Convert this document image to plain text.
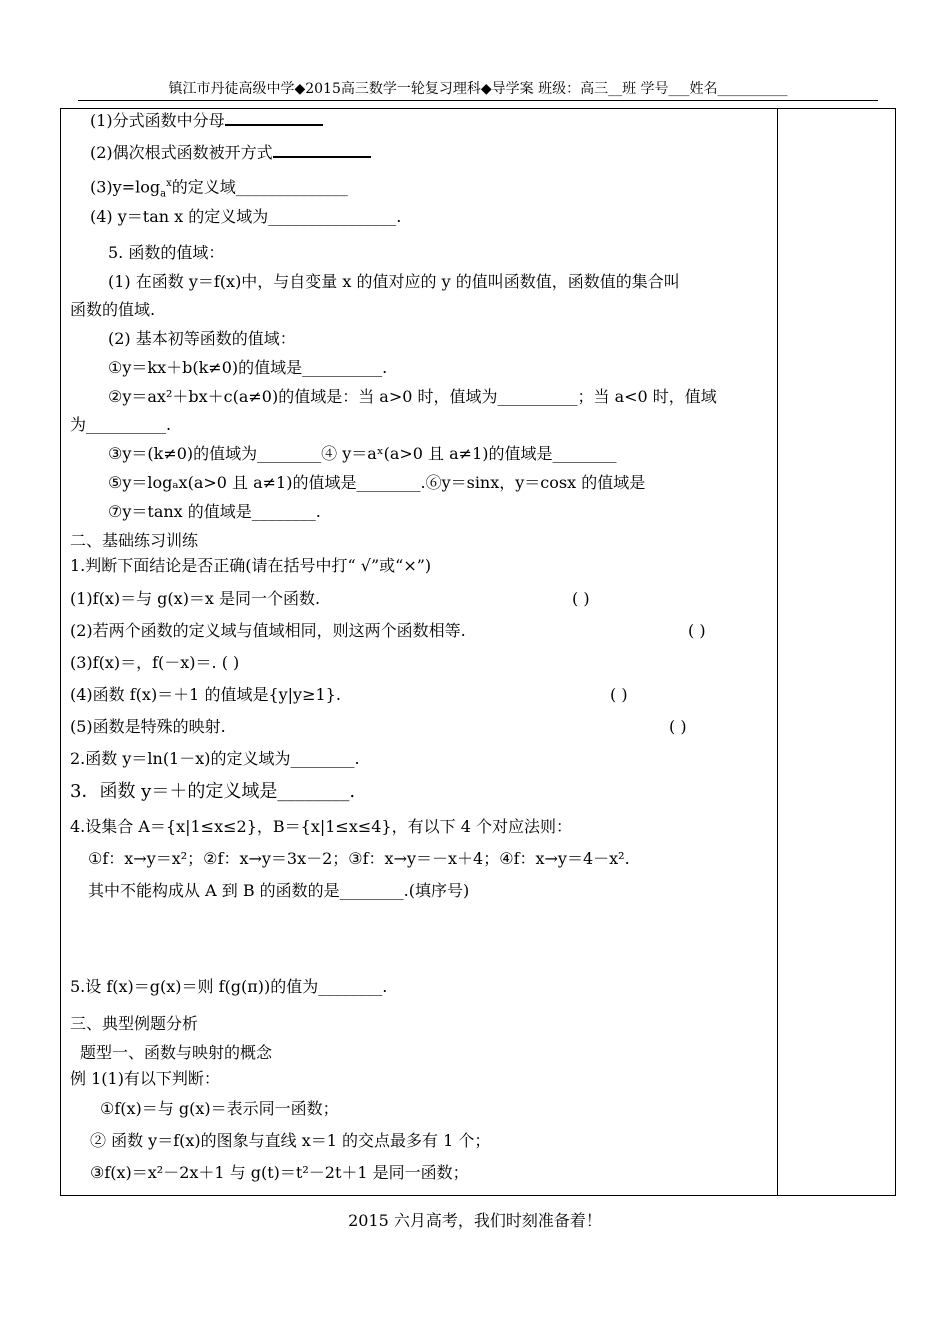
镇江市丹徒高级中学◆2015高三数学一轮复习理科◆导学案 班级：高三__班 学号___姓名__________
(1)分式函数中分母
(2)偶次根式函数被开方式
$(3)y=\log_a^x$的定义域______________
(4) y＝tan x 的定义域为________________.
5. 函数的值域：
(1) 在函数 y＝f(x)中，与自变量 x 的值对应的 y 的值叫函数值，函数值的集合叫
函数的值域.
(2) 基本初等函数的值域：
①y＝kx＋b(k≠0)的值域是__________.
②y＝ax²＋bx＋c(a≠0)的值域是：当 a>0 时，值域为__________；当 a<0 时，值域
为__________.
③y＝(k≠0)的值域为________④ y＝aˣ(a>0 且 a≠1)的值域是________
⑤y＝logₐx(a>0 且 a≠1)的值域是________.⑥y＝sinx，y＝cosx 的值域是
⑦y＝tanx 的值域是________.
二、基础练习训练
1.判断下面结论是否正确(请在括号中打“ √”或“×”)
(1)f(x)＝与 g(x)＝x 是同一个函数.	( )
(2)若两个函数的定义域与值域相同，则这两个函数相等.	( )
(3)f(x)＝，f(－x)＝. ( )
(4)函数 f(x)＝＋1 的值域是{y|y≥1}.	( )
(5)函数是特殊的映射.	( )
2.函数 y＝ln(1－x)的定义域为________.
3．函数 y＝＋的定义域是________.
4.设集合 A＝{x|1≤x≤2}，B＝{x|1≤x≤4}，有以下 4 个对应法则：
①f：x→y＝x²；②f：x→y＝3x－2；③f：x→y＝－x＋4；④f：x→y＝4－x².
其中不能构成从 A 到 B 的函数的是________.(填序号)
5.设 f(x)＝g(x)＝则 f(g(π))的值为________.
三、典型例题分析
题型一、函数与映射的概念
例 1(1)有以下判断：
①f(x)＝与 g(x)＝表示同一函数；
② 函数 y＝f(x)的图象与直线 x＝1 的交点最多有 1 个；
③f(x)＝x²－2x＋1 与 g(t)＝t²－2t＋1 是同一函数；
2015 六月高考，我们时刻准备着！
